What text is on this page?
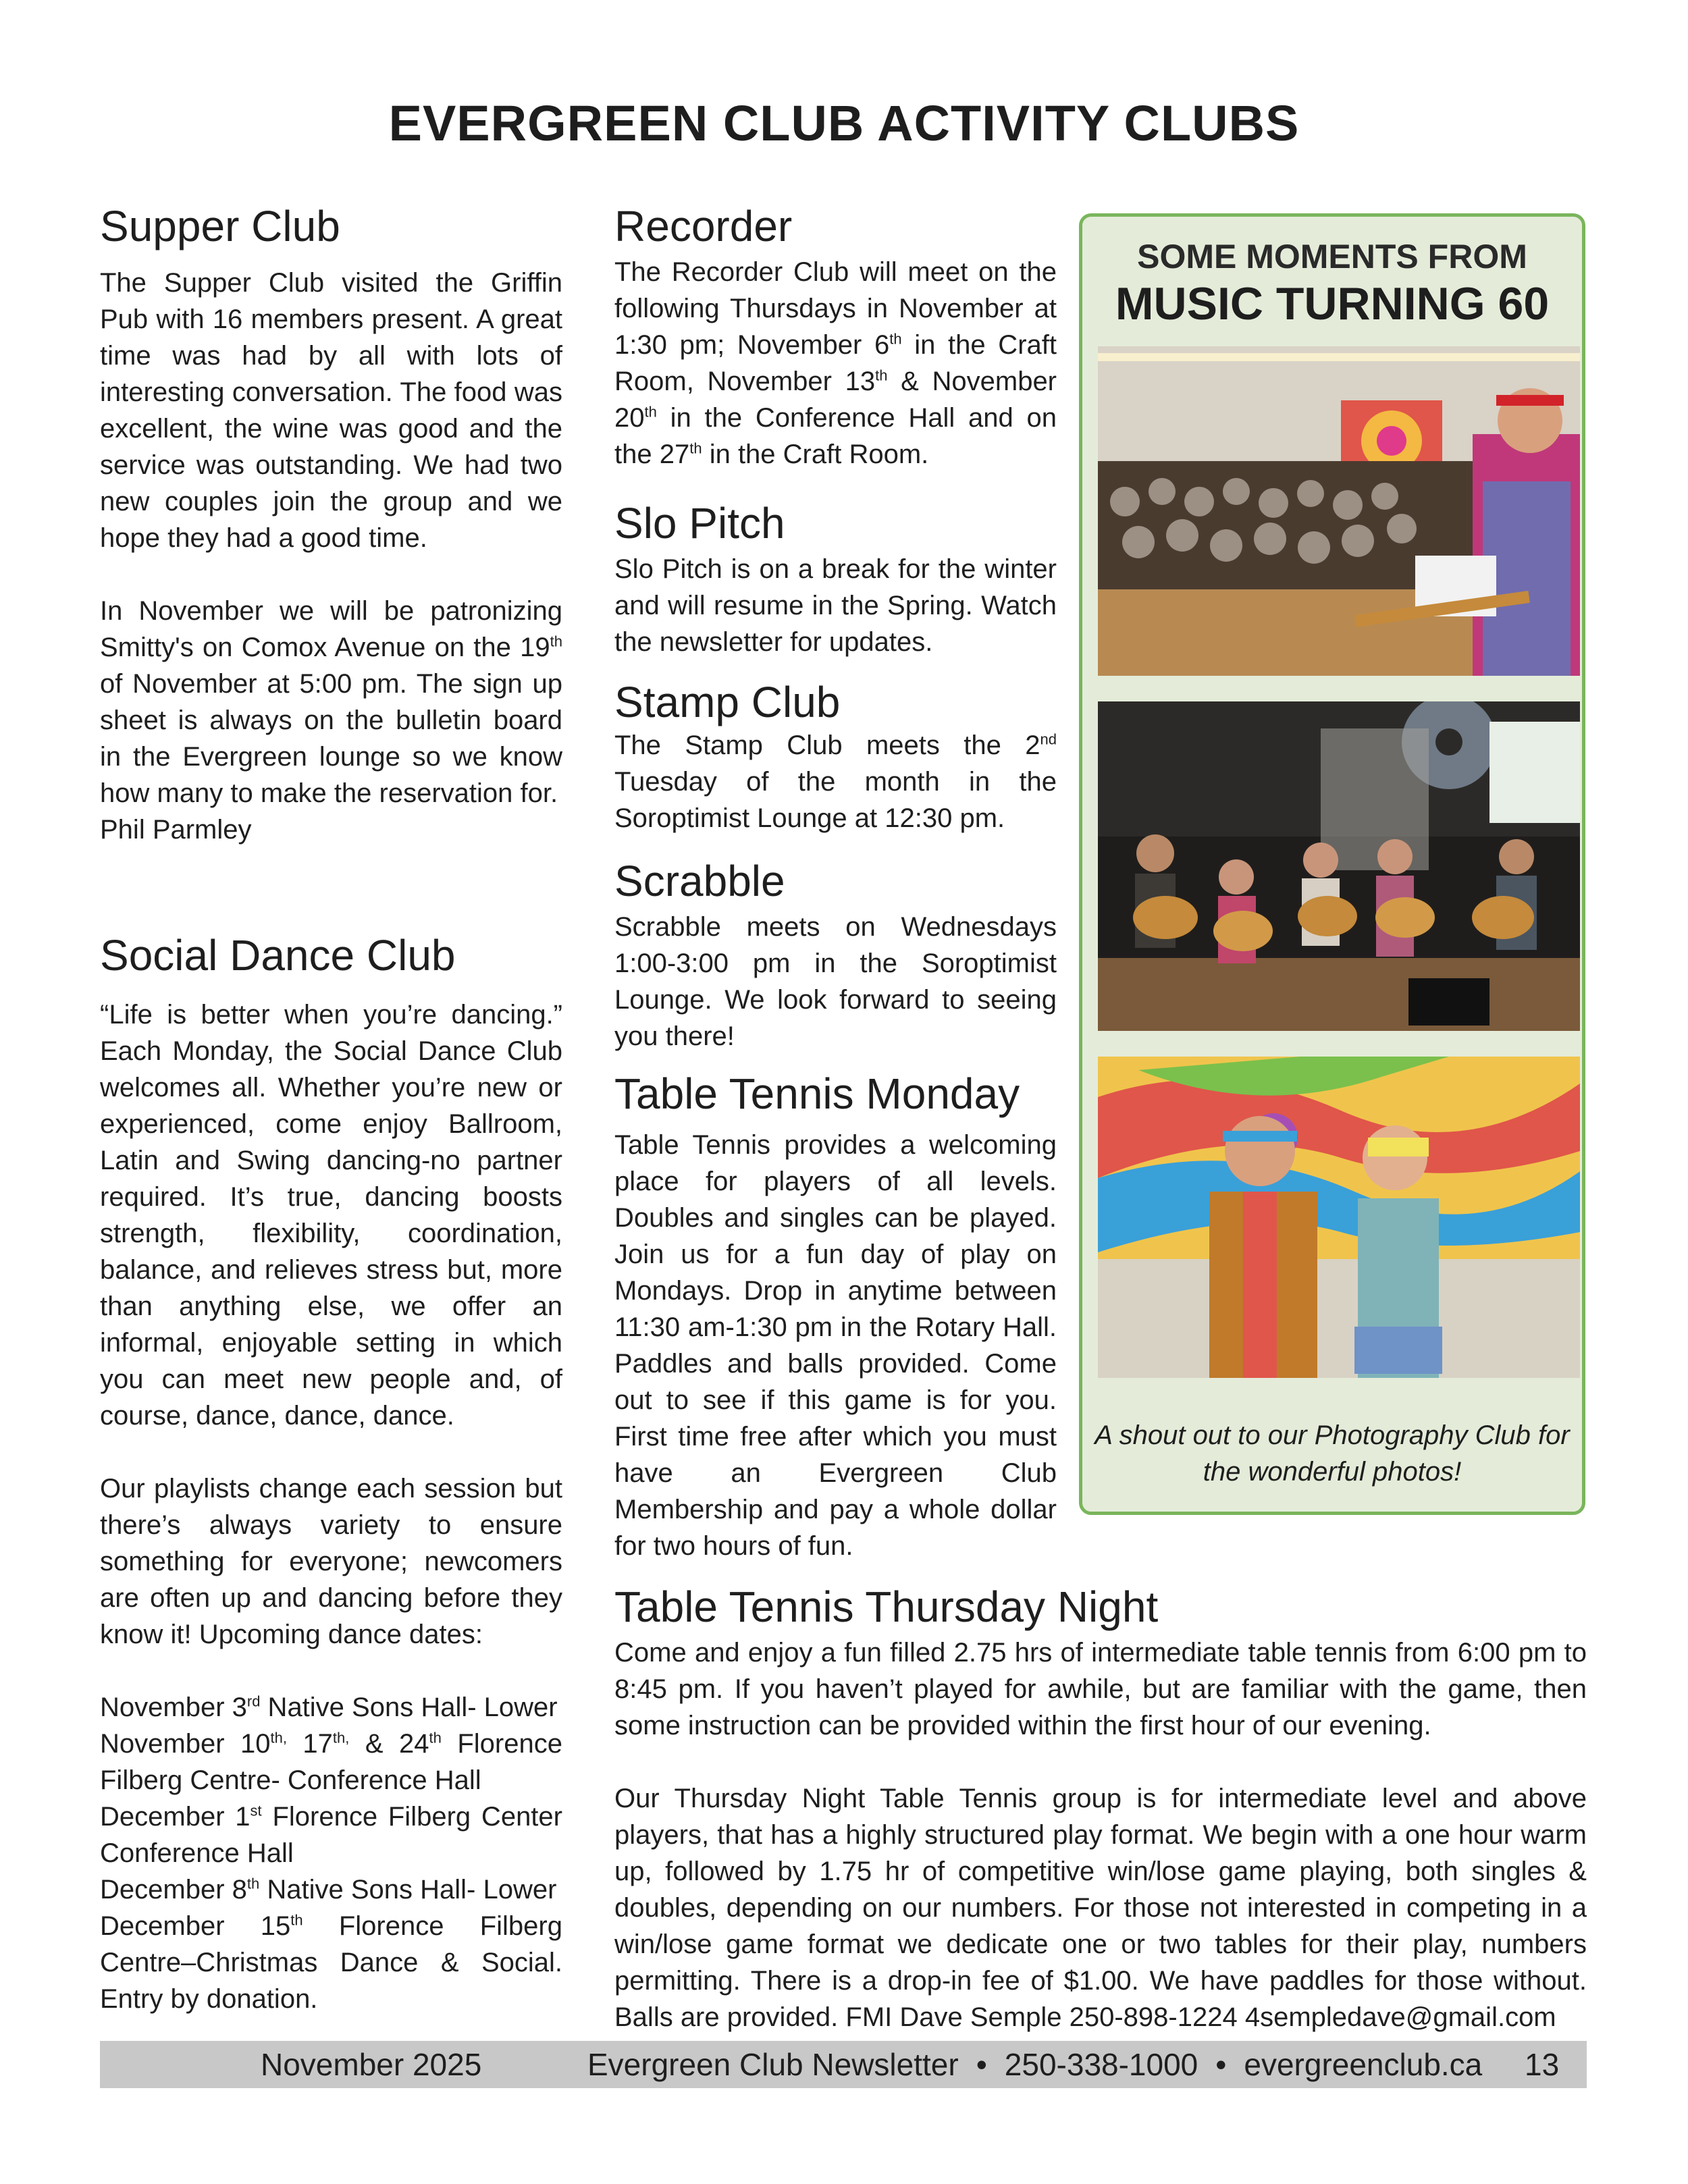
EVERGREEN CLUB ACTIVITY CLUBS
Supper Club

The Supper Club visited the Griffin Pub with 16 members present. A great time was had by all with lots of interesting conversation. The food was excellent, the wine was good and the service was outstanding. We had two new couples join the group and we hope they had a good time.

In November we will be patronizing Smitty's on Comox Avenue on the 19th of November at 5:00 pm. The sign up sheet is always on the bulletin board in the Evergreen lounge so we know how many to make the reservation for.

Phil Parmley

Social Dance Club

“Life is better when you’re dancing.” Each Monday, the Social Dance Club welcomes all. Whether you’re new or experienced, come enjoy Ballroom, Latin and Swing dancing-no partner required. It’s true, dancing boosts strength, flexibility, coordination, balance, and relieves stress but, more than anything else, we offer an informal, enjoyable setting in which you can meet new people and, of course, dance, dance, dance.

Our playlists change each session but there’s always variety to ensure something for everyone; newcomers are often up and dancing before they know it! Upcoming dance dates:

November 3rd Native Sons Hall- Lower

November $10^{th,}$ $17^{th,}$ & 24th Florence Filberg Centre- Conference Hall

December 1st Florence Filberg Center Conference Hall

December 8th Native Sons Hall- Lower

December 15th Florence Filberg Centre–Christmas Dance & Social. Entry by donation.

Recorder

The Recorder Club will meet on the following Thursdays in November at 1:30 pm; November 6th in the Craft Room, November 13th & November 20th in the Conference Hall and on the 27th in the Craft Room.

Slo Pitch

Slo Pitch is on a break for the winter and will resume in the Spring. Watch the newsletter for updates.

Stamp Club

The Stamp Club meets the 2nd Tuesday of the month in the Soroptimist Lounge at 12:30 pm.

Scrabble

Scrabble meets on Wednesdays 1:00-3:00 pm in the Soroptimist Lounge. We look forward to seeing you there!

Table Tennis Monday

Table Tennis provides a welcoming place for players of all levels. Doubles and singles can be played. Join us for a fun day of play on Mondays. Drop in anytime between 11:30 am-1:30 pm in the Rotary Hall. Paddles and balls provided. Come out to see if this game is for you. First time free after which you must have an Evergreen Club Membership and pay a whole dollar for two hours of fun.

Table Tennis Thursday Night

Come and enjoy a fun filled 2.75 hrs of intermediate table tennis from 6:00 pm to 8:45 pm. If you haven’t played for awhile, but are familiar with the game, then some instruction can be provided within the first hour of our evening.

Our Thursday Night Table Tennis group is for intermediate level and above players, that has a highly structured play format. We begin with a one hour warm up, followed by 1.75 hr of competitive win/lose game playing, both singles & doubles, depending on our numbers. For those not interested in competing in a win/lose game format we dedicate one or two tables for their play, numbers permitting. There is a drop-in fee of $1.00. We have paddles for those without. Balls are provided. FMI Dave Semple 250-898-1224 4sempledave@gmail.com

SOME MOMENTS FROM
MUSIC TURNING 60
A shout out to our Photography Club for the wonderful photos!
November 2025	Evergreen Club Newsletter • 250-338-1000 • evergreenclub.ca 13
